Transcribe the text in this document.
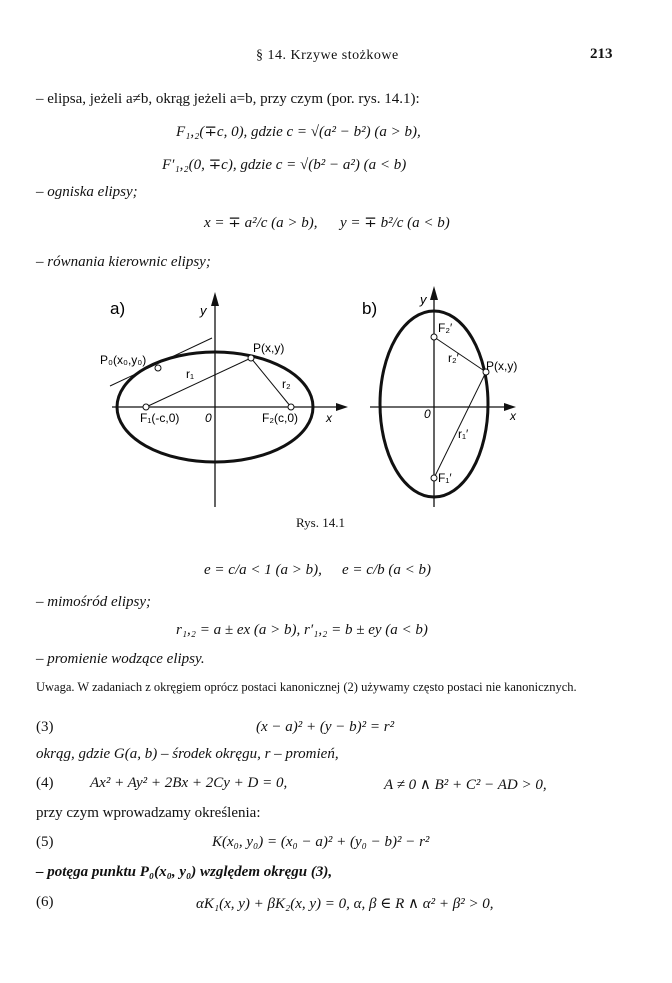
§ 14. Krzywe stożkowe	213
– elipsa, jeżeli a≠b, okrąg jeżeli a=b, przy czym (por. rys. 14.1):
F₁,₂(∓c, 0), gdzie c = √(a² − b²) (a > b),
F′₁,₂(0, ∓c), gdzie c = √(b² − a²) (a < b)
– ogniska elipsy;
x = ∓ a²/c (a > b), y = ∓ b²/c (a < b)
– równania kierownic elipsy;
a)	y
x
0
P₀(x₀,y₀)
P(x,y)
r₁
r₂
F₁(-c,0)	F₂(c,0)
b)	y
x
0
F₂′
F₁′
r₂′
r₁′
P(x,y)
Rys. 14.1
e = c/a < 1 (a > b), e = c/b (a < b)
– mimośród elipsy;
r₁,₂ = a ± ex (a > b), r′₁,₂ = b ± ey (a < b)
– promienie wodzące elipsy.
Uwaga. W zadaniach z okręgiem oprócz postaci kanonicznej (2) używamy często postaci nie kanonicznych.
(3)	(x − a)² + (y − b)² = r²
okrąg, gdzie G(a, b) – środek okręgu, r – promień,
(4) Ax² + Ay² + 2Bx + 2Cy + D = 0,	A ≠ 0 ∧ B² + C² − AD > 0,
przy czym wprowadzamy określenia:
(5)	K(x₀, y₀) = (x₀ − a)² + (y₀ − b)² − r²
– potęga punktu P₀(x₀, y₀) względem okręgu (3),
(6)	αK₁(x, y) + βK₂(x, y) = 0, α, β ∈ R ∧ α² + β² > 0,
